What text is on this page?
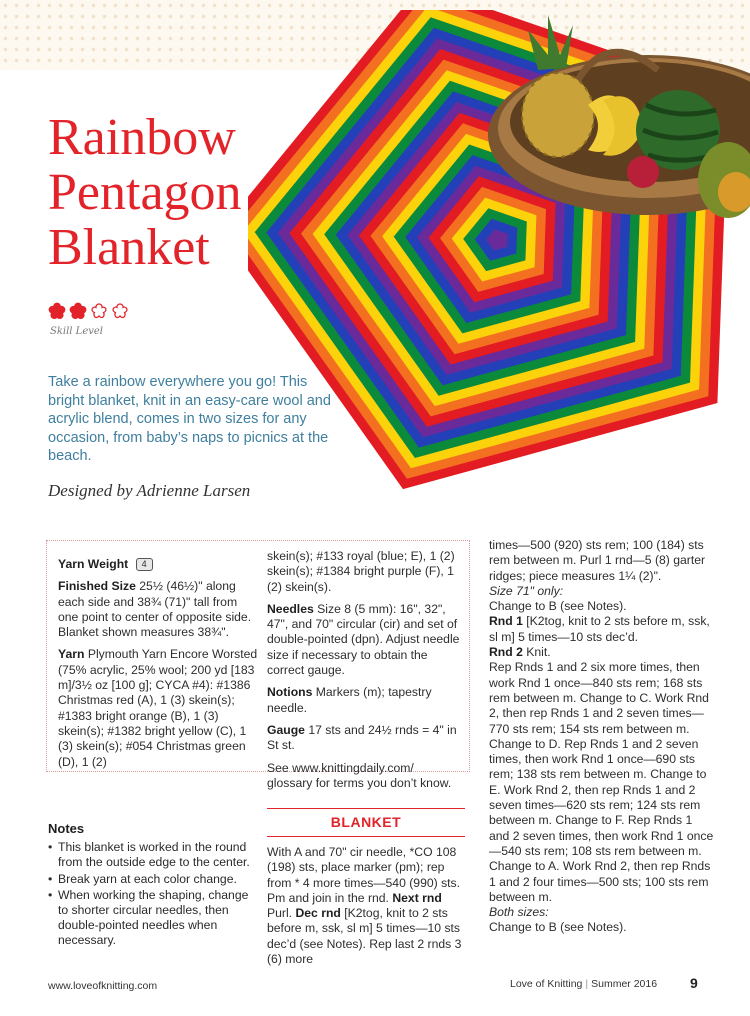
Rainbow
Pentagon
Blanket
Skill Level

Take a rainbow everywhere you go! This bright blanket, knit in an easy-care wool and acrylic blend, comes in two sizes for any occasion, from baby’s naps to picnics at the beach.

Designed by Adrienne Larsen

Yarn Weight 4

Finished Size 25½ (46½)" along each side and 38¾ (71)" tall from one point to center of opposite side. Blanket shown measures 38¾".

Yarn Plymouth Yarn Encore Worsted (75% acrylic, 25% wool; 200 yd [183 m]/3½ oz [100 g]; CYCA #4): #1386 Christmas red (A), 1 (3) skein(s); #1383 bright orange (B), 1 (3) skein(s); #1382 bright yellow (C), 1 (3) skein(s); #054 Christmas green (D), 1 (2)

skein(s); #133 royal (blue; E), 1 (2) skein(s); #1384 bright purple (F), 1 (2) skein(s).

Needles Size 8 (5 mm): 16", 32", 47", and 70" circular (cir) and set of double-pointed (dpn). Adjust needle size if necessary to obtain the correct gauge.

Notions Markers (m); tapestry needle.

Gauge 17 sts and 24½ rnds = 4" in St st.

See www.knittingdaily.com/ glossary for terms you don’t know.

Notes
• This blanket is worked in the round from the outside edge to the center.
• Break yarn at each color change.
• When working the shaping, change to shorter circular needles, then double-pointed needles when necessary.
BLANKET

With A and 70" cir needle, *CO 108 (198) sts, place marker (pm); rep from * 4 more times—540 (990) sts. Pm and join in the rnd. Next rnd Purl. Dec rnd [K2tog, knit to 2 sts before m, ssk, sl m] 5 times—10 sts dec’d (see Notes). Rep last 2 rnds 3 (6) more

times—500 (920) sts rem; 100 (184) sts rem between m. Purl 1 rnd—5 (8) garter ridges; piece measures 1¼ (2)".

Size 71" only:

Change to B (see Notes).

Rnd 1 [K2tog, knit to 2 sts before m, ssk, sl m] 5 times—10 sts dec’d.

Rnd 2 Knit.

Rep Rnds 1 and 2 six more times, then work Rnd 1 once—840 sts rem; 168 sts rem between m. Change to C. Work Rnd 2, then rep Rnds 1 and 2 seven times—770 sts rem; 154 sts rem between m. Change to D. Rep Rnds 1 and 2 seven times, then work Rnd 1 once—690 sts rem; 138 sts rem between m. Change to E. Work Rnd 2, then rep Rnds 1 and 2 seven times—620 sts rem; 124 sts rem between m. Change to F. Rep Rnds 1 and 2 seven times, then work Rnd 1 once—540 sts rem; 108 sts rem between m. Change to A. Work Rnd 2, then rep Rnds 1 and 2 four times—500 sts; 100 sts rem between m.

Both sizes:

Change to B (see Notes).

www.loveofknitting.com	Love of Knitting | Summer 2016 9
